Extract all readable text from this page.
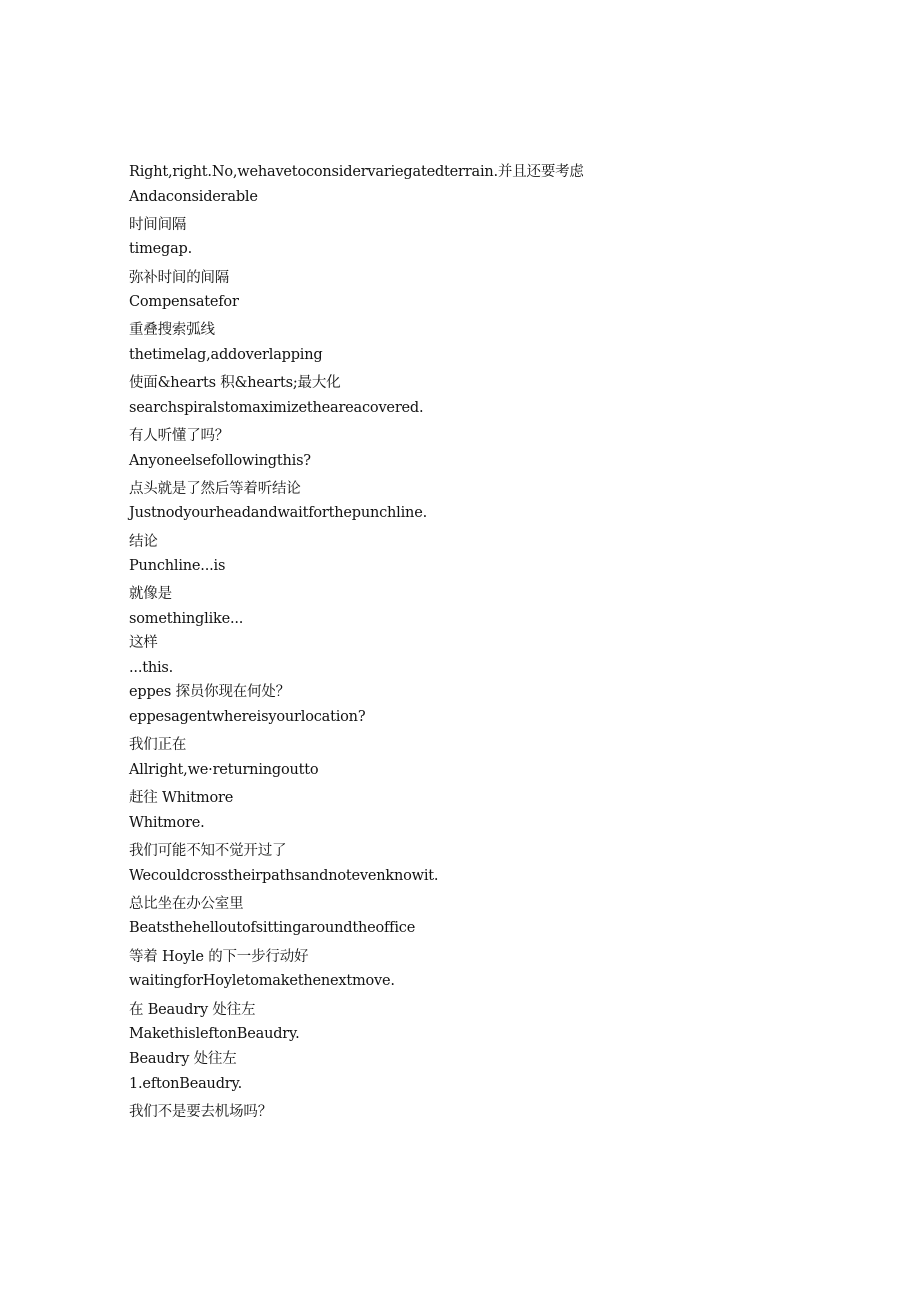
Right,right.No,wehavetoconsidervariegatedterrain.并且还要考虑
Andaconsiderable
时间间隔
timegap.
弥补时间的间隔
Compensatefor
重叠搜索弧线
thetimelag,addoverlapping
使面&hearts 积&hearts;最大化
searchspiralstomaximizetheareacovered.
有人听懂了吗？
Anyoneelsefollowingthis?
点头就是了然后等着听结论
Justnodyourheadandwaitforthepunchline.
结论
Punchline...is
就像是
somethinglike...
这样
...this.
eppes 探员你现在何处？
eppesagentwhereisyourlocation?
我们正在
Allright,we·returningoutto
赶往 Whitmore
Whitmore.
我们可能不知不觉开过了
Wecouldcrosstheirpathsandnotevenknowit.
总比坐在办公室里
Beatsthehelloutofsittingaroundtheoffice
等着 Hoyle 的下一步行动好
waitingforHoyletomakethenextmove.
在 Beaudry 处往左
MakethisleftonBeaudry.
Beaudry 处往左
1.eftonBeaudry.
我们不是要去机场吗？
